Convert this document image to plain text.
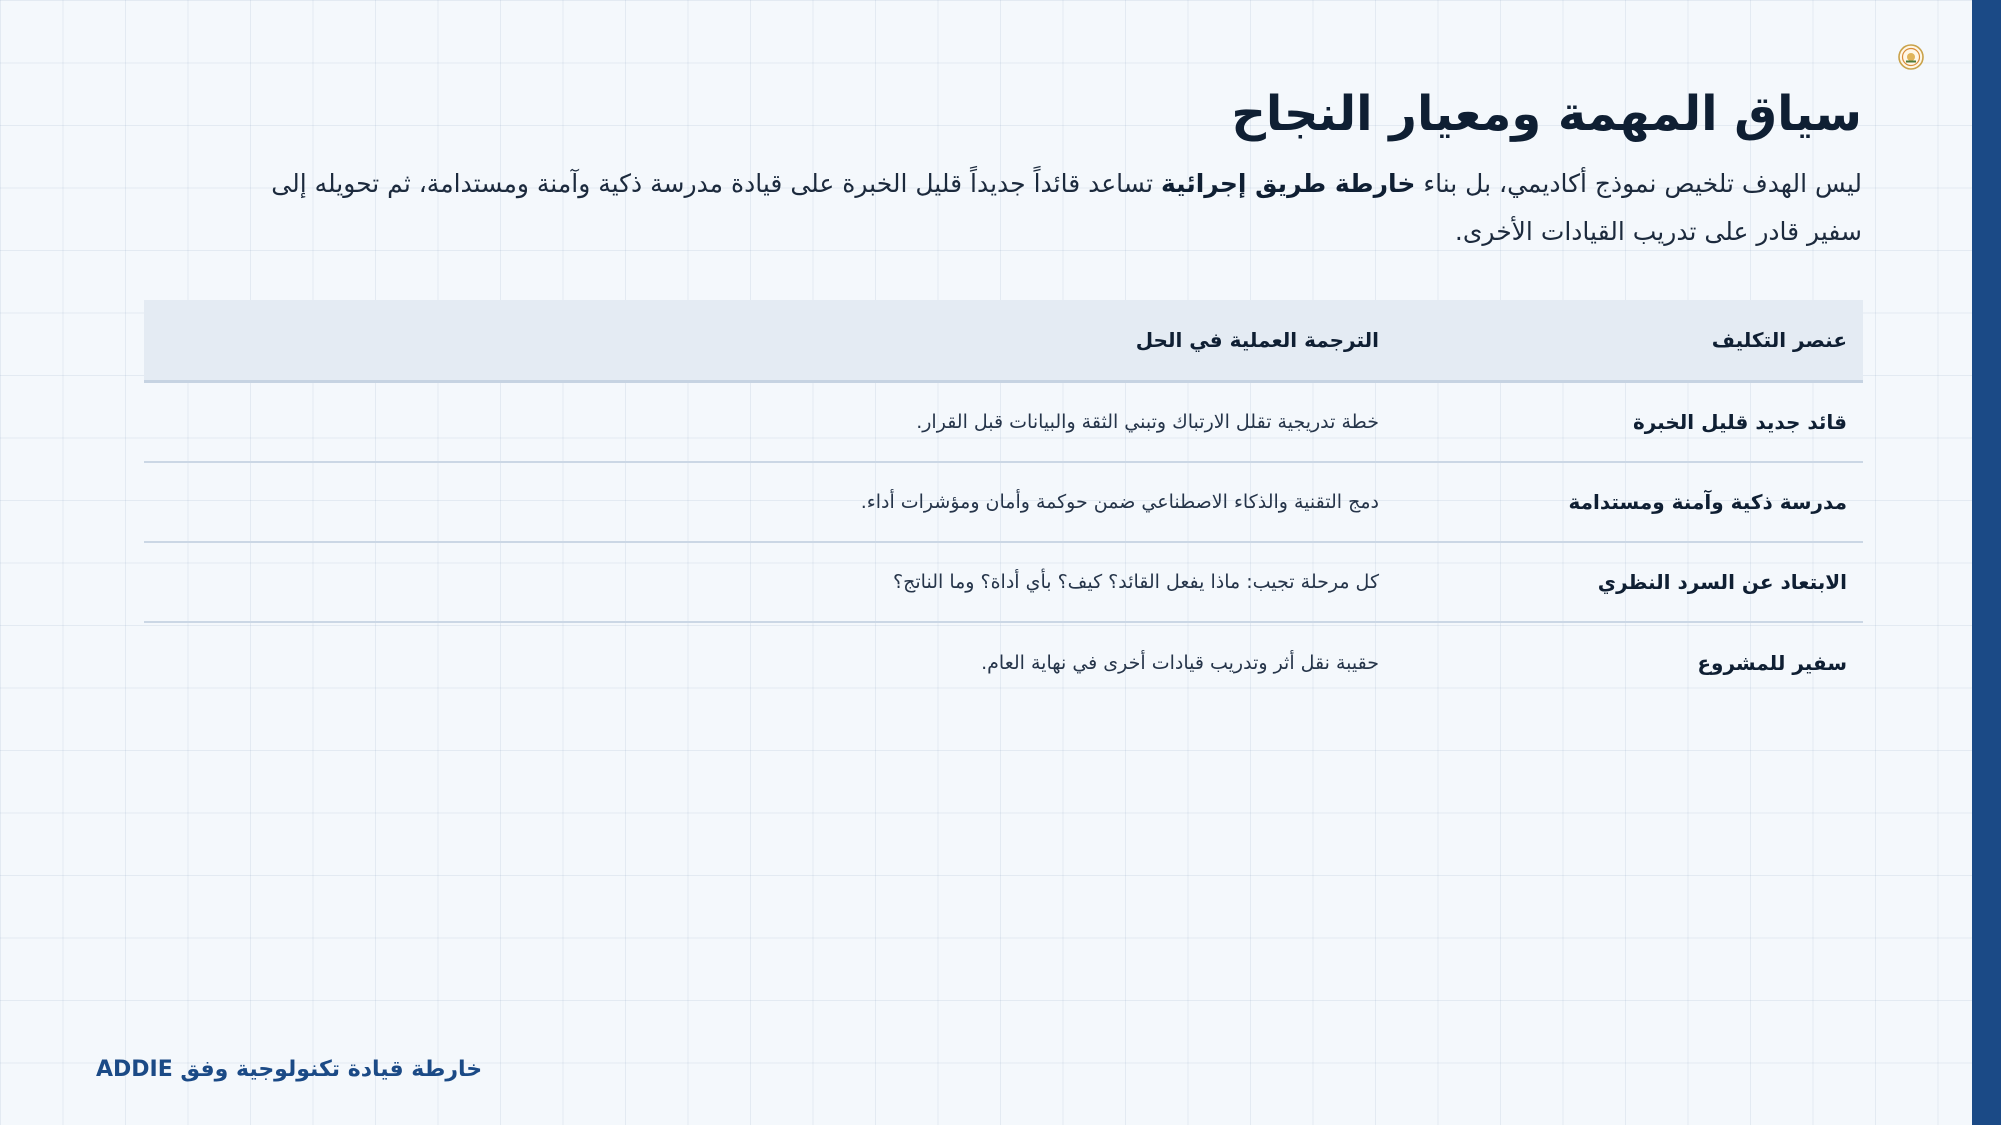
سياق المهمة ومعيار النجاح

ليس الهدف تلخيص نموذج أكاديمي، بل بناء خارطة طريق إجرائية تساعد قائداً جديداً قليل الخبرة على قيادة مدرسة ذكية وآمنة ومستدامة، ثم تحويله إلى سفير قادر على تدريب القيادات الأخرى.

عنصر التكليف
الترجمة العملية في الحل
قائد جديد قليل الخبرة
خطة تدريجية تقلل الارتباك وتبني الثقة والبيانات قبل القرار.
مدرسة ذكية وآمنة ومستدامة
دمج التقنية والذكاء الاصطناعي ضمن حوكمة وأمان ومؤشرات أداء.
الابتعاد عن السرد النظري
كل مرحلة تجيب: ماذا يفعل القائد؟ كيف؟ بأي أداة؟ وما الناتج؟
سفير للمشروع
حقيبة نقل أثر وتدريب قيادات أخرى في نهاية العام.
خارطة قيادة تكنولوجية وفق ADDIE
